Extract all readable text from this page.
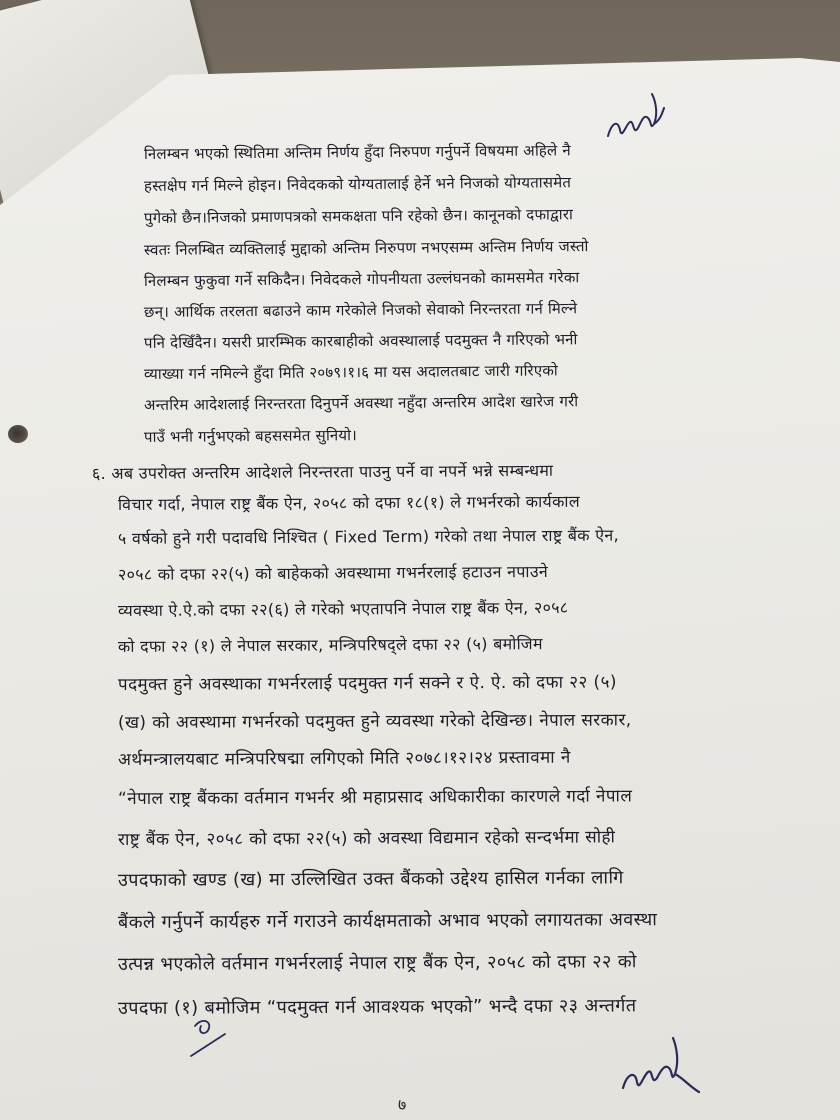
निलम्बन भएको स्थितिमा अन्तिम निर्णय हुँदा निरुपण गर्नुपर्ने विषयमा अहिले नै

हस्तक्षेप गर्न मिल्ने होइन। निवेदकको योग्यतालाई हेर्ने भने निजको योग्यतासमेत

पुगेको छैन।निजको प्रमाणपत्रको समकक्षता पनि रहेको छैन। कानूनको दफाद्वारा

स्वतः निलम्बित व्यक्तिलाई मुद्दाको अन्तिम निरुपण नभएसम्म अन्तिम निर्णय जस्तो

निलम्बन फुकुवा गर्ने सकिदैन। निवेदकले गोपनीयता उल्लंघनको कामसमेत गरेका

छन्। आर्थिक तरलता बढाउने काम गरेकोले निजको सेवाको निरन्तरता गर्न मिल्ने

पनि देखिँदैन। यसरी प्रारम्भिक कारबाहीको अवस्थालाई पदमुक्त नै गरिएको भनी

व्याख्या गर्न नमिल्ने हुँदा मिति २०७९।१।६ मा यस अदालतबाट जारी गरिएको

अन्तरिम आदेशलाई निरन्तरता दिनुपर्ने अवस्था नहुँदा अन्तरिम आदेश खारेज गरी

पाउँ भनी गर्नुभएको बहससमेत सुनियो।

६. अब उपरोक्त अन्तरिम आदेशले निरन्तरता पाउनु पर्ने वा नपर्ने भन्ने सम्बन्धमा

विचार गर्दा, नेपाल राष्ट्र बैंक ऐन, २०५८ को दफा १८(१) ले गभर्नरको कार्यकाल

५ वर्षको हुने गरी पदावधि निश्चित ( Fixed Term) गरेको तथा नेपाल राष्ट्र बैंक ऐन,

२०५८ को दफा २२(५) को बाहेकको अवस्थामा गभर्नरलाई हटाउन नपाउने

व्यवस्था ऐ.ऐ.को दफा २२(६) ले गरेको भएतापनि नेपाल राष्ट्र बैंक ऐन, २०५८

को दफा २२ (१) ले नेपाल सरकार, मन्त्रिपरिषद्ले दफा २२ (५) बमोजिम

पदमुक्त हुने अवस्थाका गभर्नरलाई पदमुक्त गर्न सक्ने र ऐ. ऐ. को दफा २२ (५)

(ख) को अवस्थामा गभर्नरको पदमुक्त हुने व्यवस्था गरेको देखिन्छ। नेपाल सरकार,

अर्थमन्त्रालयबाट मन्त्रिपरिषद्मा लगिएको मिति २०७८।१२।२४ प्रस्तावमा नै

“नेपाल राष्ट्र बैंकका वर्तमान गभर्नर श्री महाप्रसाद अधिकारीका कारणले गर्दा नेपाल

राष्ट्र बैंक ऐन, २०५८ को दफा २२(५) को अवस्था विद्यमान रहेको सन्दर्भमा सोही

उपदफाको खण्ड (ख) मा उल्लिखित उक्त बैंकको उद्देश्य हासिल गर्नका लागि

बैंकले गर्नुपर्ने कार्यहरु गर्ने गराउने कार्यक्षमताको अभाव भएको लगायतका अवस्था

उत्पन्न भएकोले वर्तमान गभर्नरलाई नेपाल राष्ट्र बैंक ऐन, २०५८ को दफा २२ को

उपदफा (१) बमोजिम “पदमुक्त गर्न आवश्यक भएको” भन्दै दफा २३ अन्तर्गत

७
